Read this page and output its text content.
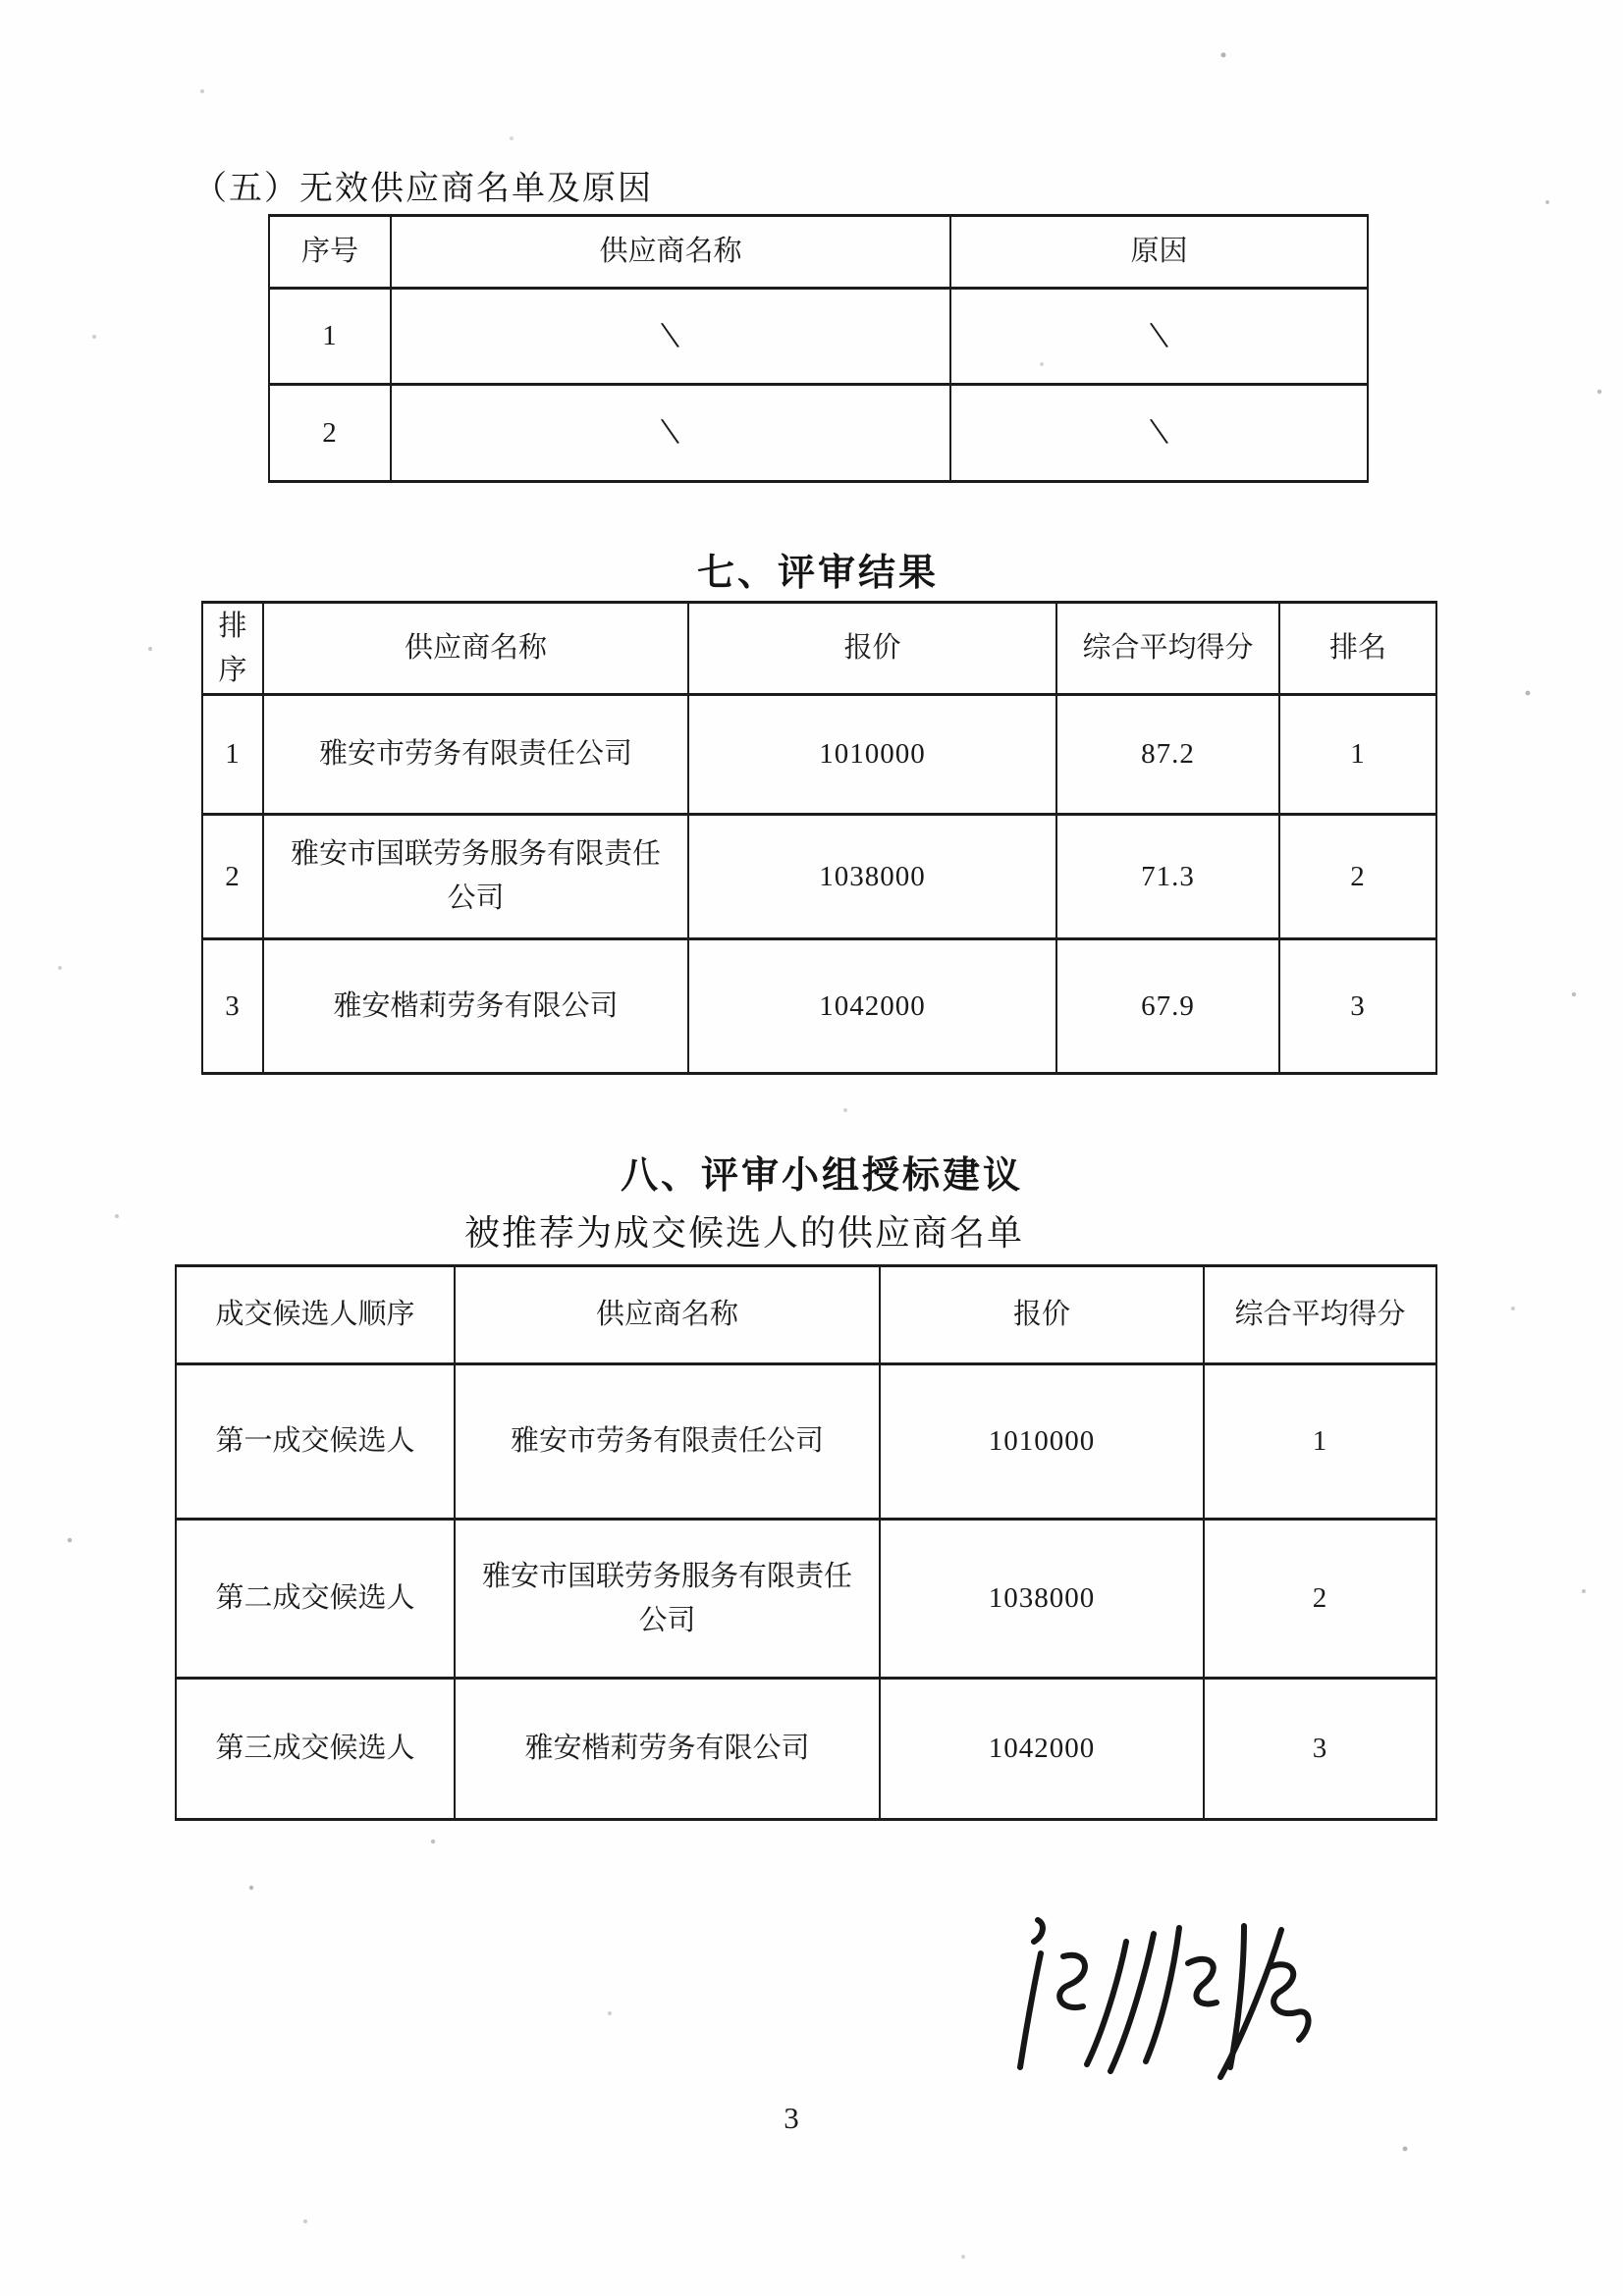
（五）无效供应商名单及原因
序号	供应商名称	原因
1	\	\
2	\	\
七、评审结果
排序	供应商名称	报价	综合平均得分	排名
1	雅安市劳务有限责任公司	1010000	87.2	1
2	雅安市国联劳务服务有限责任公司	1038000	71.3	2
3	雅安楷莉劳务有限公司	1042000	67.9	3
八、评审小组授标建议
被推荐为成交候选人的供应商名单
成交候选人顺序	供应商名称	报价	综合平均得分
第一成交候选人	雅安市劳务有限责任公司	1010000	1
第二成交候选人	雅安市国联劳务服务有限责任公司	1038000	2
第三成交候选人	雅安楷莉劳务有限公司	1042000	3
3
